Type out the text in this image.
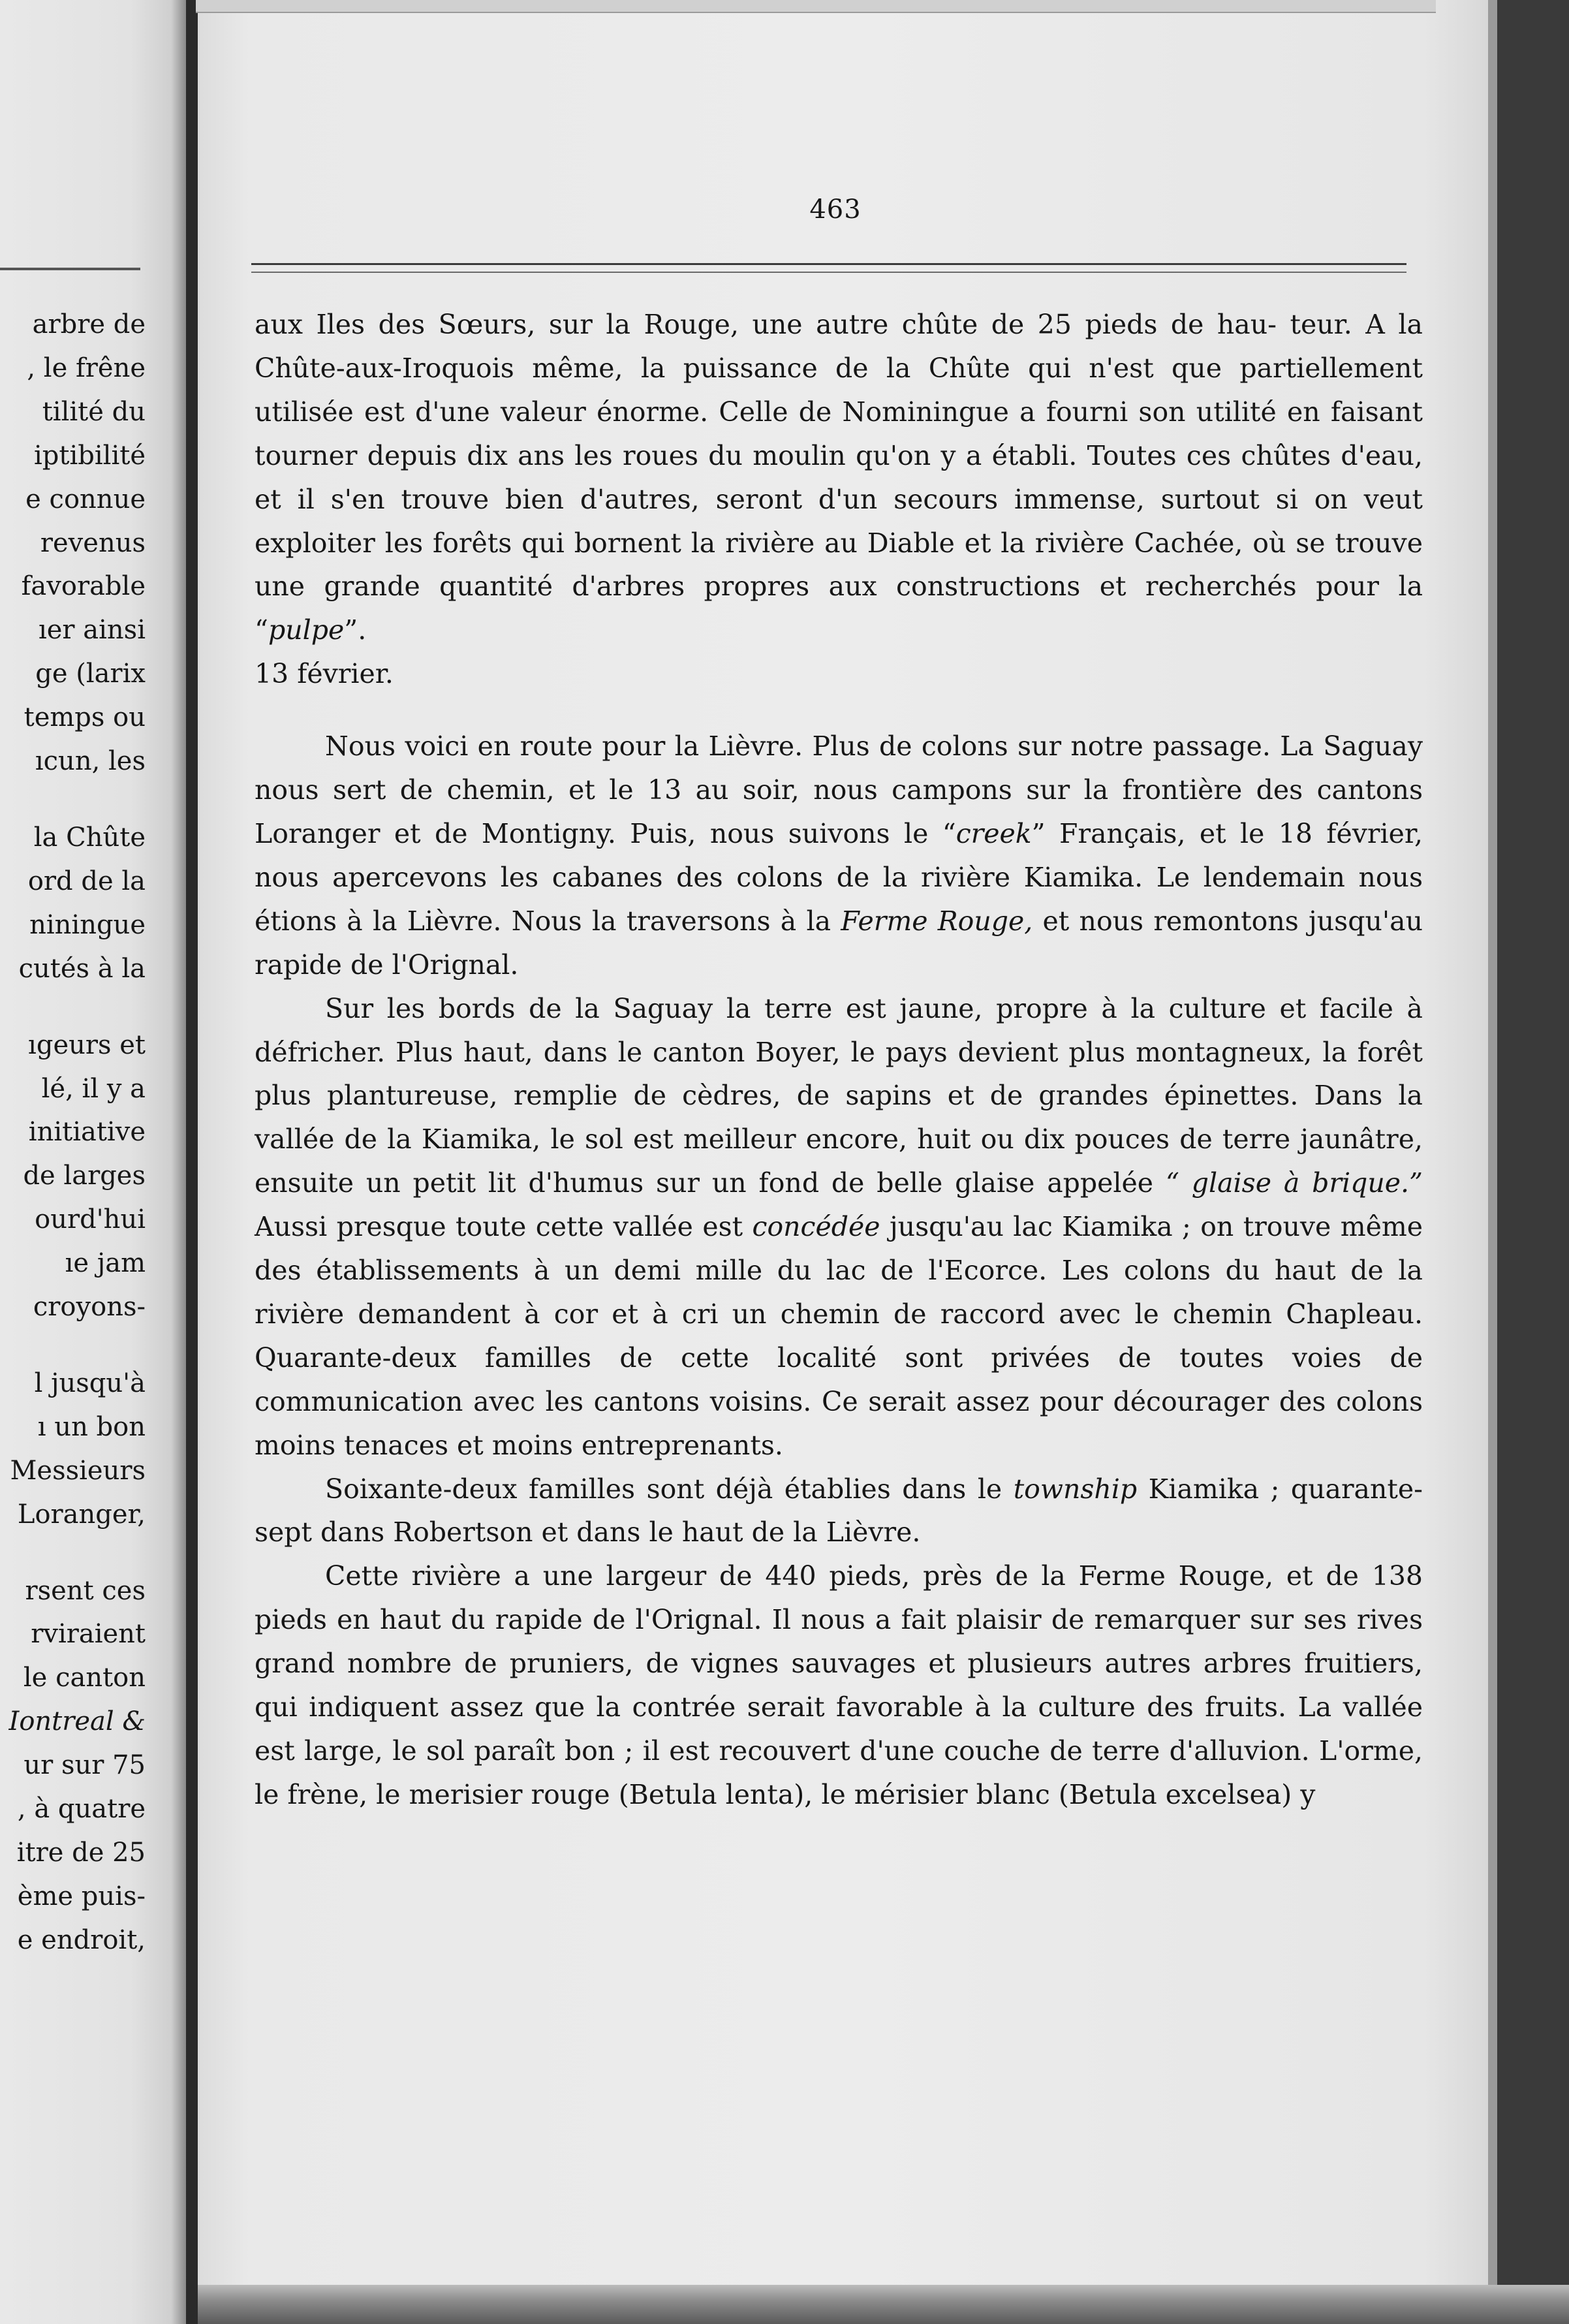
arbre de
, le frêne
tilité du
iptibilité
e connue
revenus
favorable
ıer ainsi
ge (larix
temps ou
ıcun, les
la Chûte
ord de la
niningue
cutés à la
ıgeurs et
lé, il y a
initiative
de larges
ourd'hui
ıe jam
croyons-
l jusqu'à
ı un bon
Messieurs
Loranger,
rsent ces
rviraient
le canton
Iontreal &
ur sur 75
, à quatre
itre de 25
ème puis-
e endroit,
463

aux Iles des Sœurs, sur la Rouge, une autre chûte de 25 pieds de hau- teur. A la Chûte-aux-Iroquois même, la puissance de la Chûte qui n'est que partiellement utilisée est d'une valeur énorme. Celle de Nominingue a fourni son utilité en faisant tourner depuis dix ans les roues du moulin qu'on y a établi. Toutes ces chûtes d'eau, et il s'en trouve bien d'autres, seront d'un secours immense, surtout si on veut exploiter les forêts qui bornent la rivière au Diable et la rivière Cachée, où se trouve une grande quantité d'arbres propres aux constructions et recherchés pour la “pulpe”.

13 février.

Nous voici en route pour la Lièvre. Plus de colons sur notre passage. La Saguay nous sert de chemin, et le 13 au soir, nous campons sur la frontière des cantons Loranger et de Montigny. Puis, nous suivons le “creek” Français, et le 18 février, nous apercevons les cabanes des colons de la rivière Kiamika. Le lendemain nous étions à la Lièvre. Nous la traversons à la Ferme Rouge, et nous remontons jusqu'au rapide de l'Orignal.

Sur les bords de la Saguay la terre est jaune, propre à la culture et facile à défricher. Plus haut, dans le canton Boyer, le pays devient plus montagneux, la forêt plus plantureuse, remplie de cèdres, de sapins et de grandes épinettes. Dans la vallée de la Kiamika, le sol est meilleur encore, huit ou dix pouces de terre jaunâtre, ensuite un petit lit d'humus sur un fond de belle glaise appelée “ glaise à brique.” Aussi presque toute cette vallée est concédée jusqu'au lac Kiamika ; on trouve même des établissements à un demi mille du lac de l'Ecorce. Les colons du haut de la rivière demandent à cor et à cri un chemin de raccord avec le chemin Chapleau. Quarante-deux familles de cette localité sont privées de toutes voies de communication avec les cantons voisins. Ce serait assez pour décourager des colons moins tenaces et moins entreprenants.

Soixante-deux familles sont déjà établies dans le township Kiamika ; quarante-sept dans Robertson et dans le haut de la Lièvre.

Cette rivière a une largeur de 440 pieds, près de la Ferme Rouge, et de 138 pieds en haut du rapide de l'Orignal. Il nous a fait plaisir de remarquer sur ses rives grand nombre de pruniers, de vignes sauvages et plusieurs autres arbres fruitiers, qui indiquent assez que la contrée serait favorable à la culture des fruits. La vallée est large, le sol paraît bon ; il est recouvert d'une couche de terre d'alluvion. L'orme, le frène, le merisier rouge (Betula lenta), le mérisier blanc (Betula excelsea) y
